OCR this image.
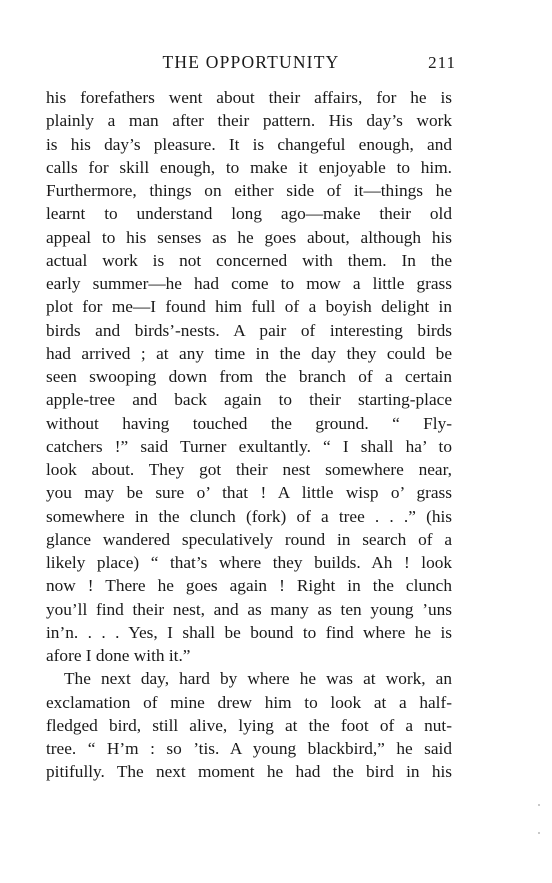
THE OPPORTUNITY	211
his forefathers went about their affairs, for he is
plainly a man after their pattern. His day’s work
is his day’s pleasure. It is changeful enough, and
calls for skill enough, to make it enjoyable to him.
Furthermore, things on either side of it—things he
learnt to understand long ago—make their old
appeal to his senses as he goes about, although his
actual work is not concerned with them. In the
early summer—he had come to mow a little grass
plot for me—I found him full of a boyish delight in
birds and birds’-nests. A pair of interesting birds
had arrived ; at any time in the day they could be
seen swooping down from the branch of a certain
apple-tree and back again to their starting-place
without having touched the ground. “ Fly-
catchers !” said Turner exultantly. “ I shall ha’ to
look about. They got their nest somewhere near,
you may be sure o’ that ! A little wisp o’ grass
somewhere in the clunch (fork) of a tree . . .” (his
glance wandered speculatively round in search of a
likely place) “ that’s where they builds. Ah ! look
now ! There he goes again ! Right in the clunch
you’ll find their nest, and as many as ten young ’uns
in’n. . . . Yes, I shall be bound to find where he is
afore I done with it.”
The next day, hard by where he was at work, an
exclamation of mine drew him to look at a half-
fledged bird, still alive, lying at the foot of a nut-
tree. “ H’m : so ’tis. A young blackbird,” he said
pitifully. The next moment he had the bird in his
